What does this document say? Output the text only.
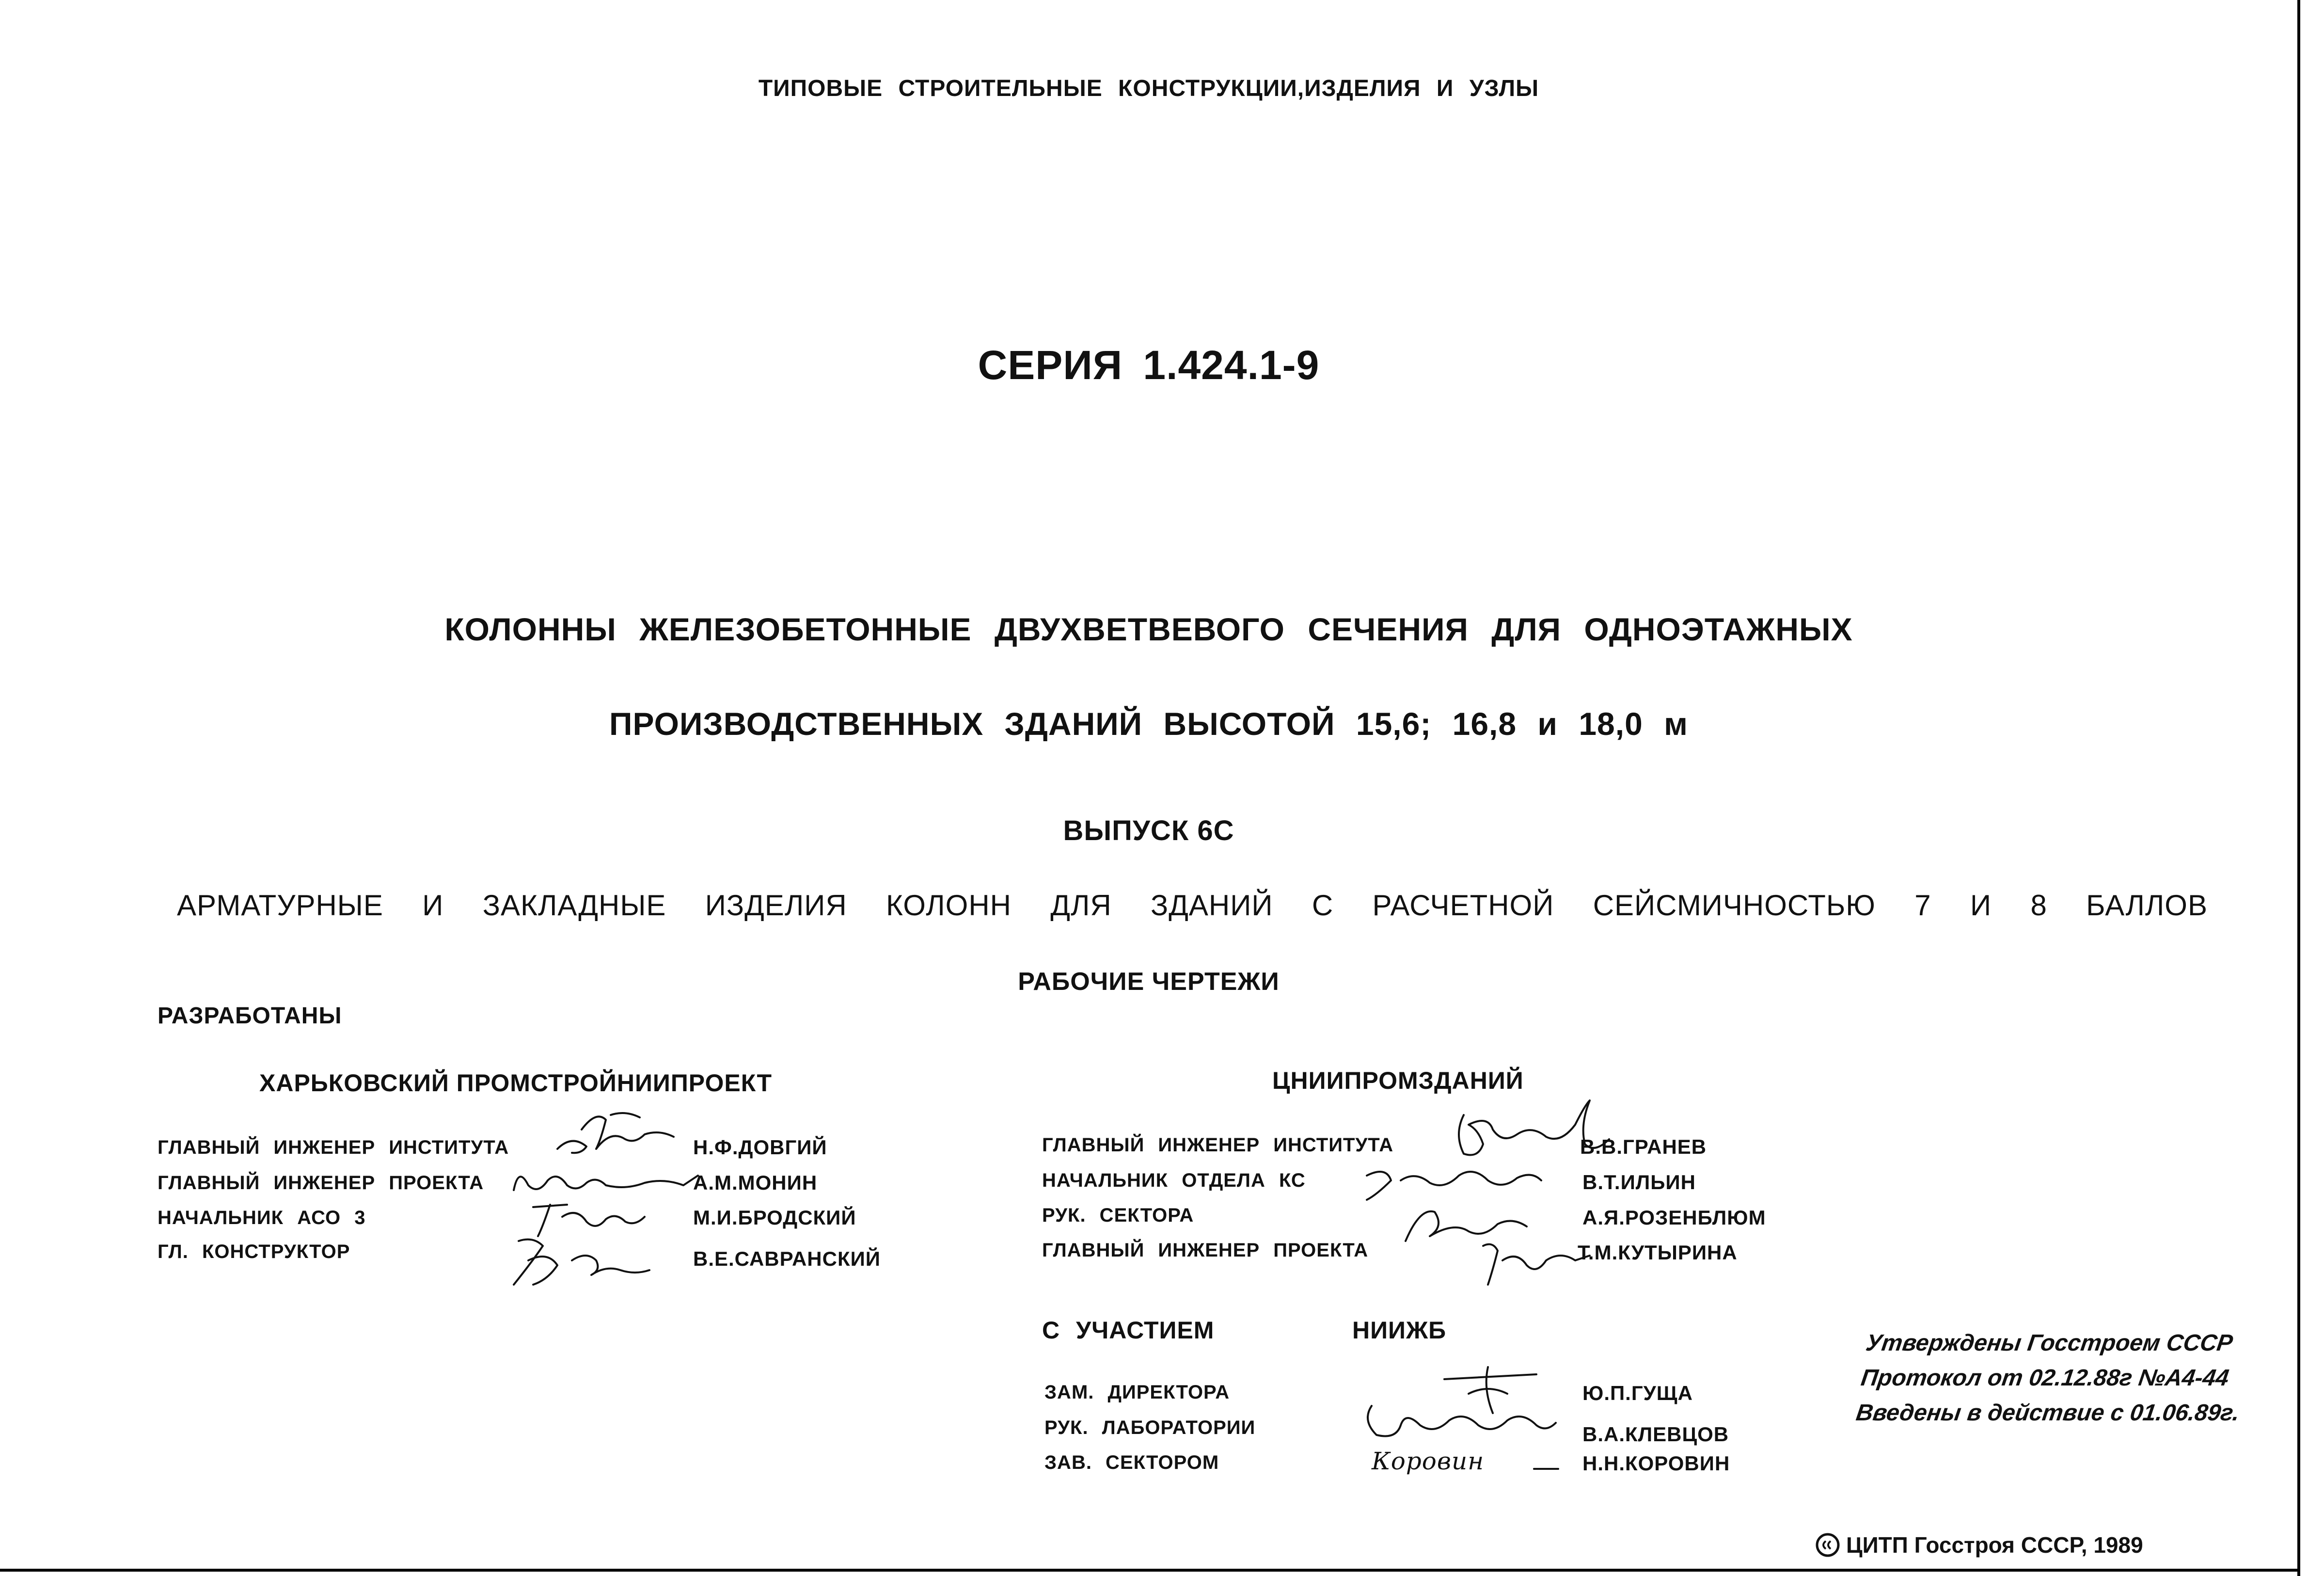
ТИПОВЫЕ СТРОИТЕЛЬНЫЕ КОНСТРУКЦИИ,ИЗДЕЛИЯ И УЗЛЫ
СЕРИЯ 1.424.1-9
КОЛОННЫ ЖЕЛЕЗОБЕТОННЫЕ ДВУХВЕТВЕВОГО СЕЧЕНИЯ ДЛЯ ОДНОЭТАЖНЫХ
ПРОИЗВОДСТВЕННЫХ ЗДАНИЙ ВЫСОТОЙ 15,6; 16,8 и 18,0 м
ВЫПУСК 6С
АРМАТУРНЫЕ И ЗАКЛАДНЫЕ ИЗДЕЛИЯ КОЛОНН ДЛЯ ЗДАНИЙ С РАСЧЕТНОЙ СЕЙСМИЧНОСТЬЮ 7 И 8 БАЛЛОВ
РАБОЧИЕ ЧЕРТЕЖИ
РАЗРАБОТАНЫ
ХАРЬКОВСКИЙ ПРОМСТРОЙНИИПРОЕКТ
ГЛАВНЫЙ ИНЖЕНЕР ИНСТИТУТА	Н.Ф.ДОВГИЙ
ГЛАВНЫЙ ИНЖЕНЕР ПРОЕКТА	А.М.МОНИН
НАЧАЛЬНИК АСО 3	М.И.БРОДСКИЙ
ГЛ. КОНСТРУКТОР	В.Е.САВРАНСКИЙ
ЦНИИПРОМЗДАНИЙ
ГЛАВНЫЙ ИНЖЕНЕР ИНСТИТУТА	В.В.ГРАНЕВ
НАЧАЛЬНИК ОТДЕЛА КС	В.Т.ИЛЬИН
РУК. СЕКТОРА	А.Я.РОЗЕНБЛЮМ
ГЛАВНЫЙ ИНЖЕНЕР ПРОЕКТА	Т.М.КУТЫРИНА
С УЧАСТИЕМ	НИИЖБ
ЗАМ. ДИРЕКТОРА	Ю.П.ГУЩА
РУК. ЛАБОРАТОРИИ	В.А.КЛЕВЦОВ
ЗАВ. СЕКТОРОМ	Н.Н.КОРОВИН
Коровин
Утверждены Госстроем СССР
Протокол от 02.12.88г №А4-44
Введены в действие с 01.06.89г.
ЦИТП Госстроя СССР, 1989
